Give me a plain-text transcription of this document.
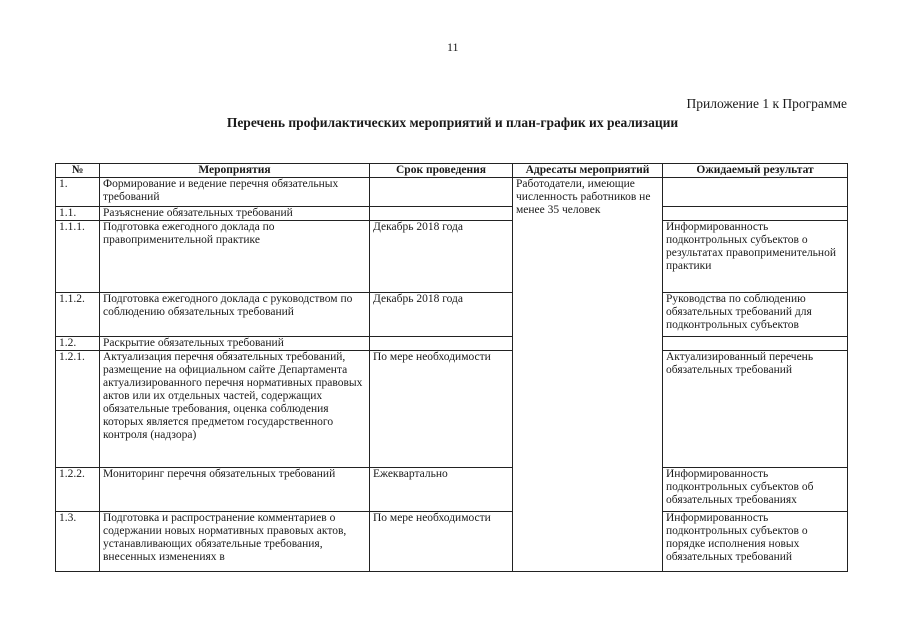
11
Приложение 1 к Программе
Перечень профилактических мероприятий и план-график их реализации
№	Мероприятия	Срок проведения	Адресаты мероприятий	Ожидаемый результат
1.	Формирование и ведение перечня обязательных требований		Работодатели, имеющие численность работников не менее 35 человек	
1.1.	Разъяснение обязательных требований			
1.1.1.	Подготовка ежегодного доклада по правоприменительной практике	Декабрь 2018 года		Информированность подконтрольных субъектов о результатах правоприменительной практики
1.1.2.	Подготовка ежегодного доклада с руководством по соблюдению обязательных требований	Декабрь 2018 года		Руководства по соблюдению обязательных требований для подконтрольных субъектов
1.2.	Раскрытие обязательных требований			
1.2.1.	Актуализация перечня обязательных требований, размещение на официальном сайте Департамента актуализированного перечня нормативных правовых актов или их отдельных частей, содержащих обязательные требования, оценка соблюдения которых является предметом государственного контроля (надзора)	По мере необходимости		Актуализированный перечень обязательных требований
1.2.2.	Мониторинг перечня обязательных требований	Ежеквартально		Информированность подконтрольных субъектов об обязательных требованиях
1.3.	Подготовка и распространение комментариев о содержании новых нормативных правовых актов, устанавливающих обязательные требования, внесенных изменениях в	По мере необходимости		Информированность подконтрольных субъектов о порядке исполнения новых обязательных требований
